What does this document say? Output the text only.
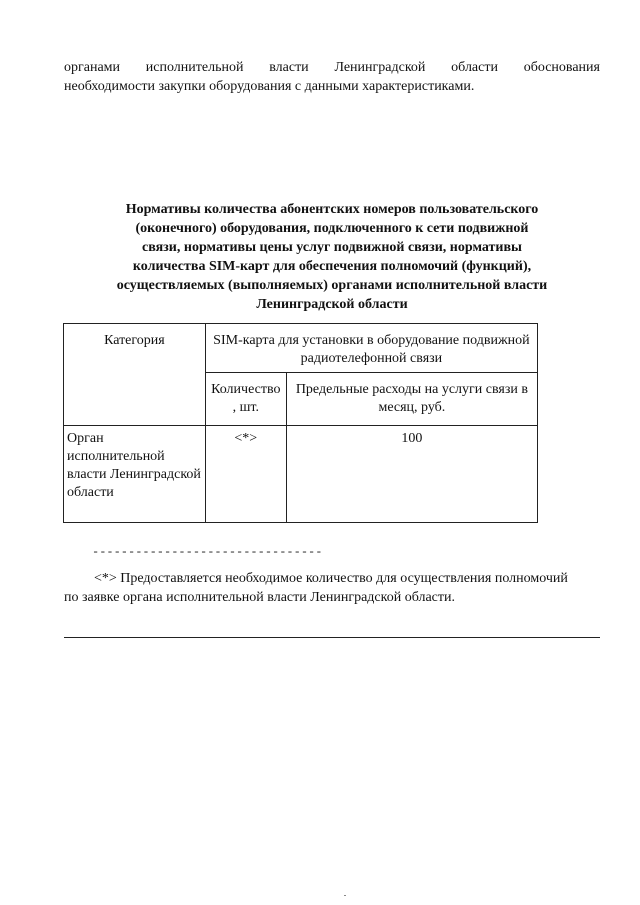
органами исполнительной власти Ленинградской области обоснования
необходимости закупки оборудования с данными характеристиками.
Нормативы количества абонентских номеров пользовательского
(оконечного) оборудования, подключенного к сети подвижной
связи, нормативы цены услуг подвижной связи, нормативы
количества SIM-карт для обеспечения полномочий (функций),
осуществляемых (выполняемых) органами исполнительной власти
Ленинградской области
Категория	SIM-карта для установки в оборудование подвижной радиотелефонной связи	
	Количество , шт.	Предельные расходы на услуги связи в месяц, руб.
Орган исполнительной власти Ленинградской области	<*>	100
--------------------------------
<*> Предоставляется необходимое количество для осуществления полномочий
по заявке органа исполнительной власти Ленинградской области.
